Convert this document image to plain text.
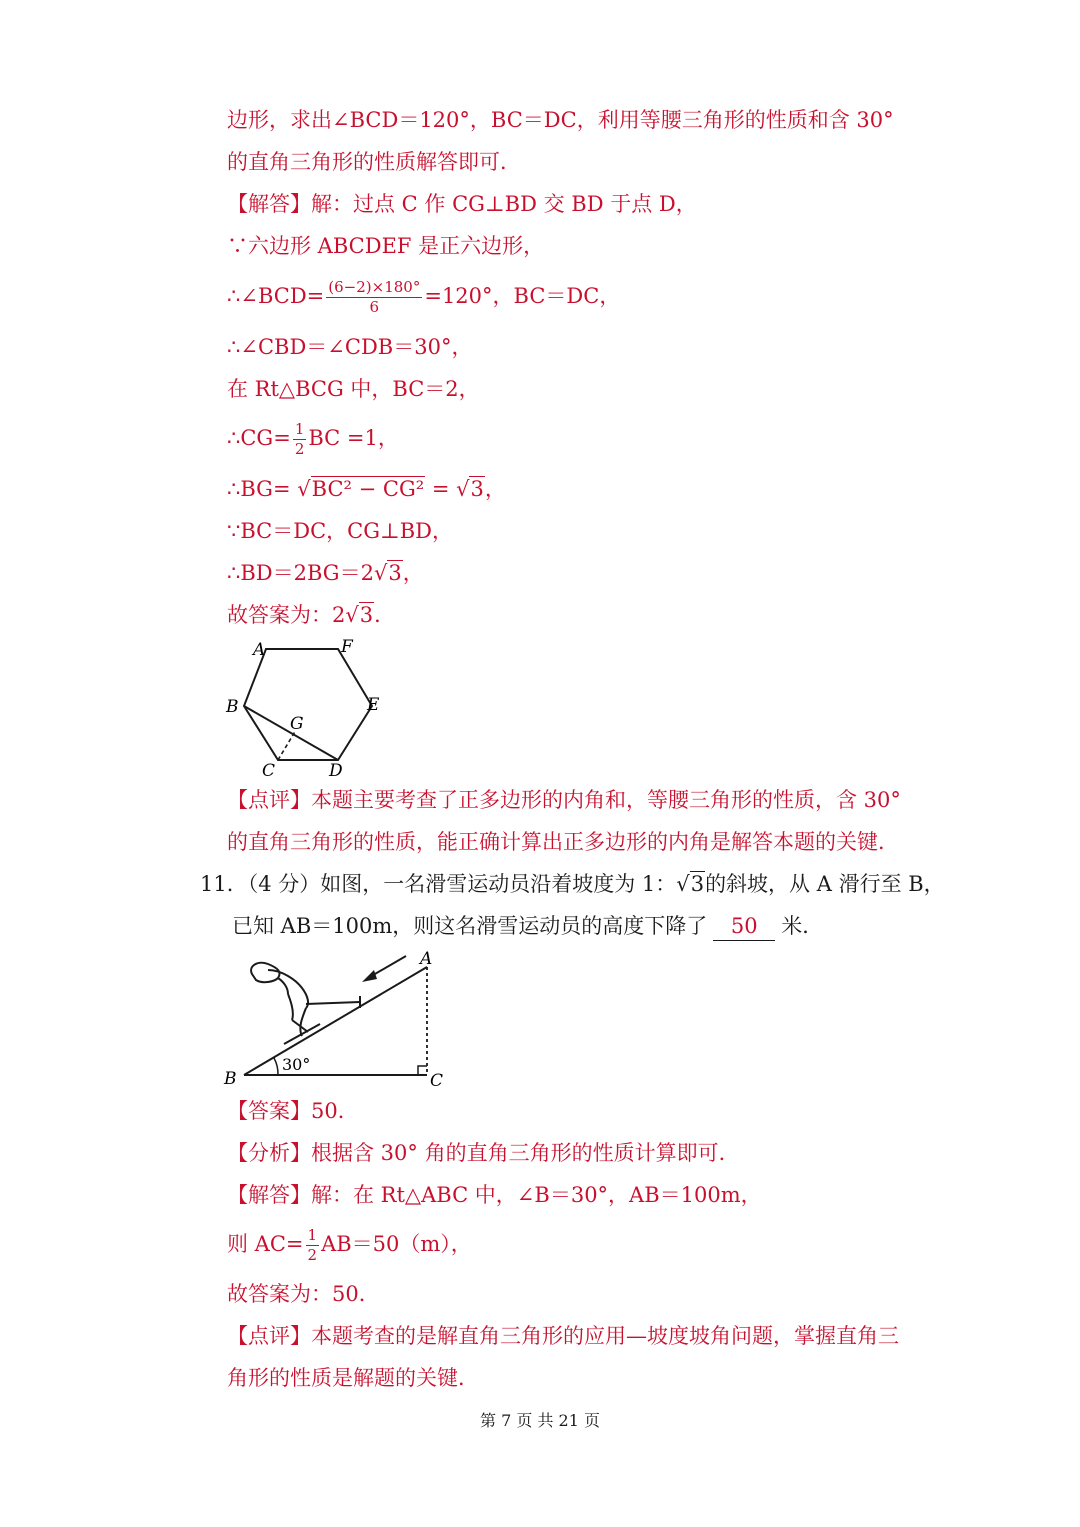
边形，求出∠BCD＝120°，BC＝DC，利用等腰三角形的性质和含 30°
的直角三角形的性质解答即可．
【解答】解：过点 C 作 CG⊥BD 交 BD 于点 D，
∵六边形 ABCDEF 是正六边形，
∴∠BCD= $\frac{(6-2)\times 180^\circ}{6} =120^\circ$，BC＝DC，
∴∠CBD＝∠CDB＝30°，
在 Rt△BCG 中，BC＝2，
∴CG= $\frac{1}{2}$ BC =1，
∴BG= √BC² − CG² = √3，
∵BC＝DC，CG⊥BD，
∴BD＝2BG＝2√3，
故答案为：2√3．
A	F
B	E
G
C	D
【点评】本题主要考查了正多边形的内角和，等腰三角形的性质，含 30°
的直角三角形的性质，能正确计算出正多边形的内角是解答本题的关键．
11．（4 分）如图，一名滑雪运动员沿着坡度为 1：√3的斜坡，从 A 滑行至 B，
已知 AB＝100m，则这名滑雪运动员的高度下降了 50 米．
B
A
C
30°
【答案】50．
【分析】根据含 30° 角的直角三角形的性质计算即可．
【解答】解：在 Rt△ABC 中，∠B＝30°，AB＝100m，
则 $AC= \frac{1}{2} AB=50(m)$，
故答案为：50．
【点评】本题考查的是解直角三角形的应用—坡度坡角问题，掌握直角三
角形的性质是解题的关键．
第 7 页 共 21 页
